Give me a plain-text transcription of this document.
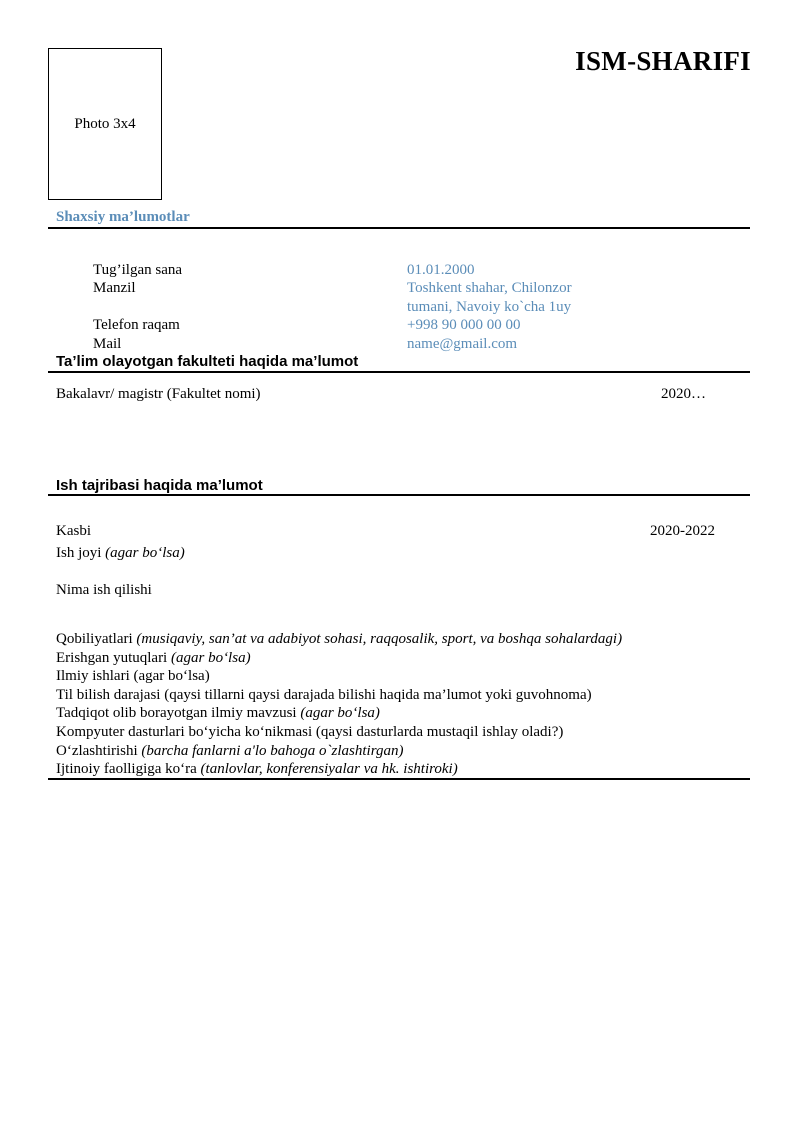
Photo 3x4
ISM-SHARIFI
Shaxsiy ma’lumotlar
Tug’ilgan sana	01.01.2000
Manzil	Toshkent shahar, Chilonzor
tumani, Navoiy ko`cha 1uy
Telefon raqam	+998 90 000 00 00
Mail	name@gmail.com
Ta’lim olayotgan fakulteti haqida ma’lumot
Bakalavr/ magistr (Fakultet nomi)	2020…
Ish tajribasi haqida ma’lumot
Kasbi	2020-2022
Ish joyi (agar bo‘lsa)
Nima ish qilishi
Qobiliyatlari (musiqaviy, san’at va adabiyot sohasi, raqqosalik, sport, va boshqa sohalardagi)
Erishgan yutuqlari (agar bo‘lsa)
Ilmiy ishlari (agar bo‘lsa)
Til bilish darajasi (qaysi tillarni qaysi darajada bilishi haqida ma’lumot yoki guvohnoma)
Tadqiqot olib borayotgan ilmiy mavzusi (agar bo‘lsa)
Kompyuter dasturlari bo‘yicha ko‘nikmasi (qaysi dasturlarda mustaqil ishlay oladi?)
O‘zlashtirishi (barcha fanlarni a'lo bahoga o`zlashtirgan)
Ijtinoiy faolligiga ko‘ra (tanlovlar, konferensiyalar va hk. ishtiroki)
